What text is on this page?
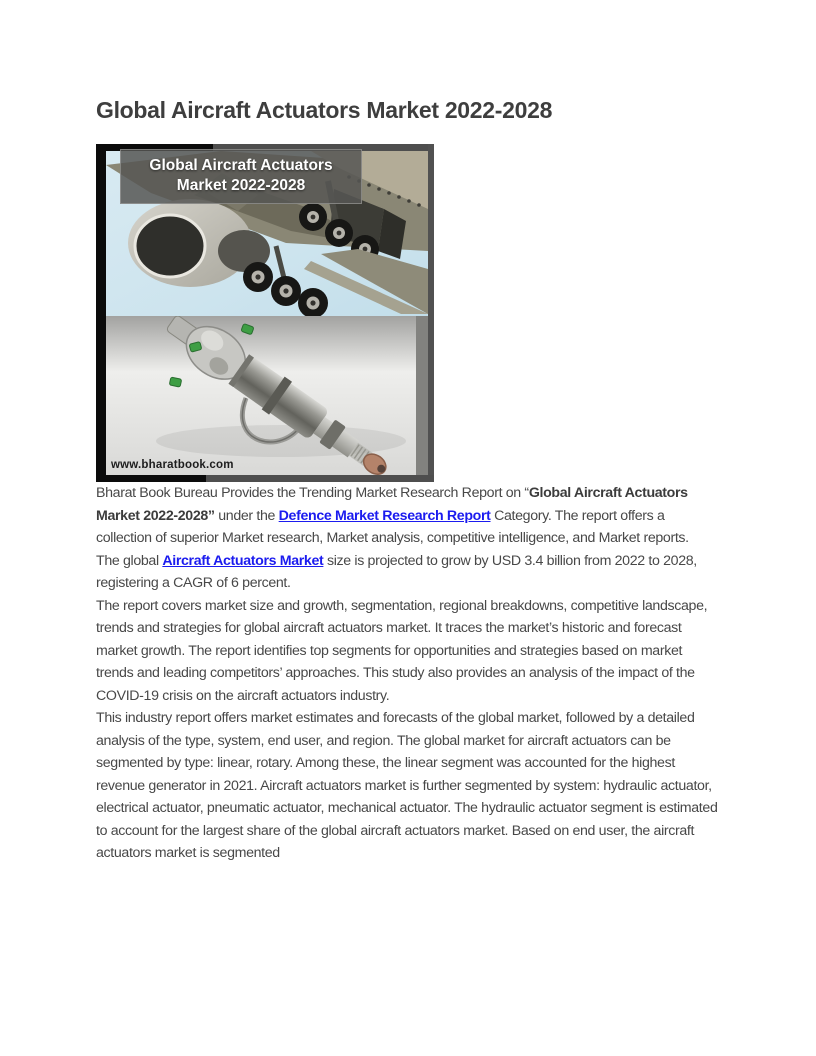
Global Aircraft Actuators Market 2022-2028
Global Aircraft Actuators
Market 2022-2028
www.bharatbook.com

Bharat Book Bureau Provides the Trending Market Research Report on “Global Aircraft Actuators Market 2022-2028” under the Defence Market Research Report Category. The report offers a collection of superior Market research, Market analysis, competitive intelligence, and Market reports.

The global Aircraft Actuators Market size is projected to grow by USD 3.4 billion from 2022 to 2028, registering a CAGR of 6 percent.

The report covers market size and growth, segmentation, regional breakdowns, competitive landscape, trends and strategies for global aircraft actuators market. It traces the market’s historic and forecast market growth. The report identifies top segments for opportunities and strategies based on market trends and leading competitors’ approaches. This study also provides an analysis of the impact of the COVID-19 crisis on the aircraft actuators industry.

This industry report offers market estimates and forecasts of the global market, followed by a detailed analysis of the type, system, end user, and region. The global market for aircraft actuators can be segmented by type: linear, rotary. Among these, the linear segment was accounted for the highest revenue generator in 2021. Aircraft actuators market is further segmented by system: hydraulic actuator, electrical actuator, pneumatic actuator, mechanical actuator. The hydraulic actuator segment is estimated to account for the largest share of the global aircraft actuators market. Based on end user, the aircraft actuators market is segmented
